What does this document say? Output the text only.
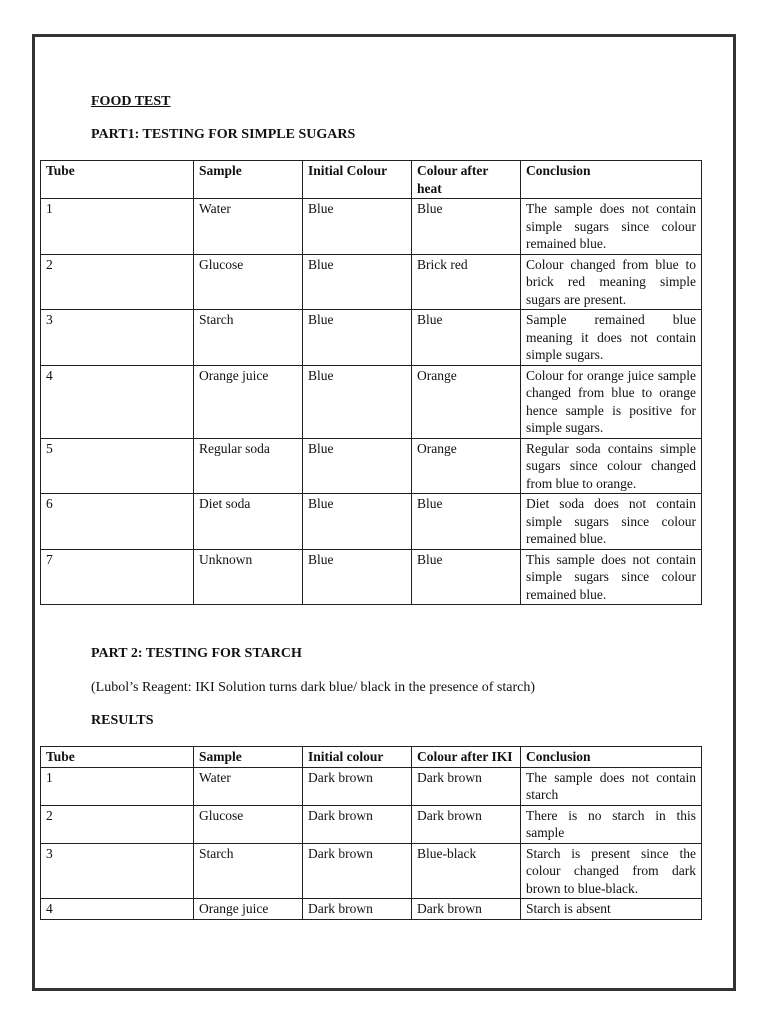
FOOD TEST
PART1: TESTING FOR SIMPLE SUGARS
Tube	Sample	Initial Colour	Colour after heat	Conclusion
1	Water	Blue	Blue	The sample does not contain simple sugars since colour remained blue.
2	Glucose	Blue	Brick red	Colour changed from blue to brick red meaning simple sugars are present.
3	Starch	Blue	Blue	Sample remained blue meaning it does not contain simple sugars.
4	Orange juice	Blue	Orange	Colour for orange juice sample changed from blue to orange hence sample is positive for simple sugars.
5	Regular soda	Blue	Orange	Regular soda contains simple sugars since colour changed from blue to orange.
6	Diet soda	Blue	Blue	Diet soda does not contain simple sugars since colour remained blue.
7	Unknown	Blue	Blue	This sample does not contain simple sugars since colour remained blue.
PART 2: TESTING FOR STARCH
(Lubol’s Reagent: IKI Solution turns dark blue/ black in the presence of starch)
RESULTS
Tube	Sample	Initial colour	Colour after IKI	Conclusion
1	Water	Dark brown	Dark brown	The sample does not contain starch
2	Glucose	Dark brown	Dark brown	There is no starch in this sample
3	Starch	Dark brown	Blue-black	Starch is present since the colour changed from dark brown to blue-black.
4	Orange juice	Dark brown	Dark brown	Starch is absent
